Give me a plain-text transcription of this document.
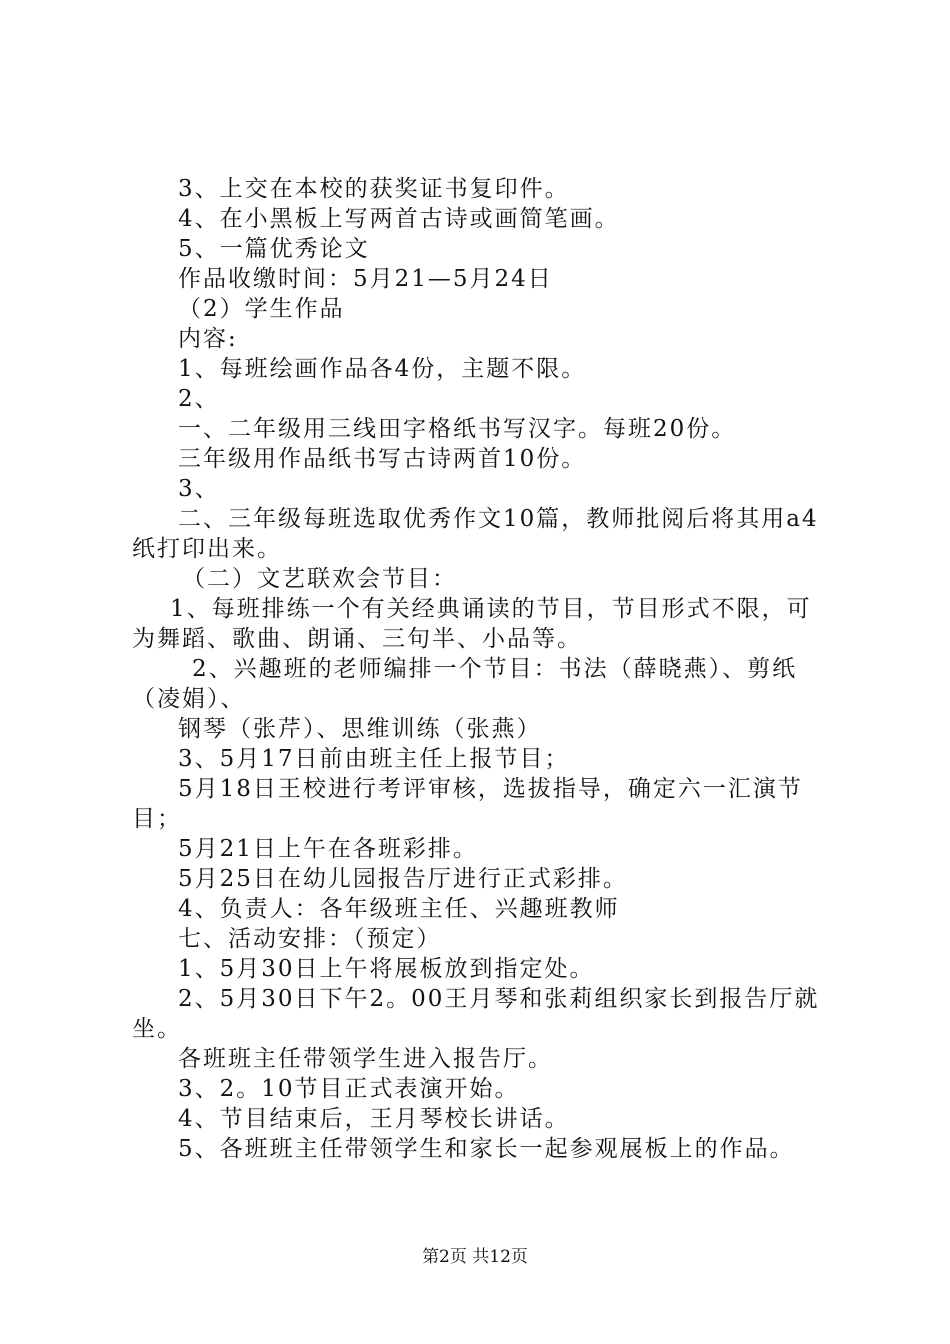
3、上交在本校的获奖证书复印件。
4、在小黑板上写两首古诗或画简笔画。
5、一篇优秀论文
作品收缴时间：5月21—5月24日
（2）学生作品
内容:
1、每班绘画作品各4份，主题不限。
2、
一、二年级用三线田字格纸书写汉字。每班20份。
三年级用作品纸书写古诗两首10份。
3、
二、三年级每班选取优秀作文10篇，教师批阅后将其用a4
纸打印出来。
（二）文艺联欢会节目：
1、每班排练一个有关经典诵读的节目，节目形式不限，可
为舞蹈、歌曲、朗诵、三句半、小品等。
2、兴趣班的老师编排一个节目：书法（薛晓燕）、剪纸
（凌娟）、
钢琴（张芹）、思维训练（张燕）
3、5月17日前由班主任上报节目；
5月18日王校进行考评审核，选拔指导，确定六一汇演节
目；
5月21日上午在各班彩排。
5月25日在幼儿园报告厅进行正式彩排。
4、负责人：各年级班主任、兴趣班教师
七、活动安排：（预定）
1、5月30日上午将展板放到指定处。
2、5月30日下午2。00王月琴和张莉组织家长到报告厅就
坐。
各班班主任带领学生进入报告厅。
3、2。10节目正式表演开始。
4、节目结束后，王月琴校长讲话。
5、各班班主任带领学生和家长一起参观展板上的作品。
第2页 共12页
